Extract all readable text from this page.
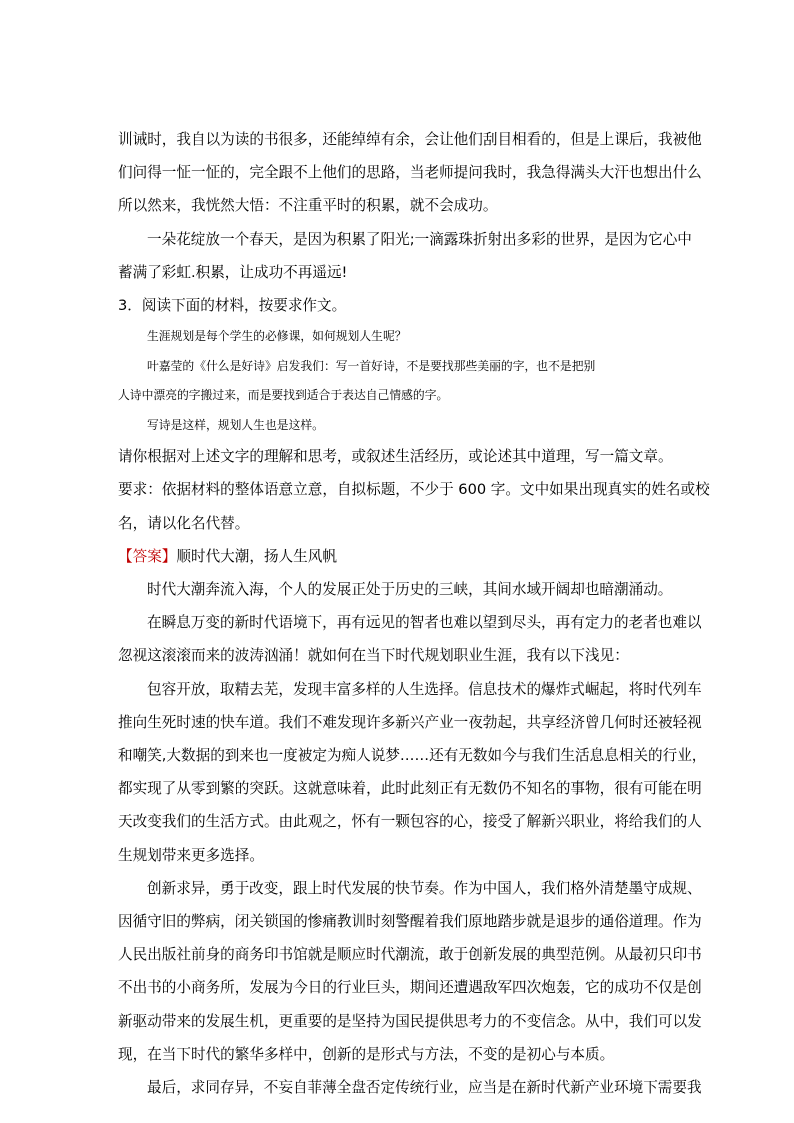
训诫时，我自以为读的书很多，还能绰绰有余，会让他们刮目相看的，但是上课后，我被他

们问得一怔一怔的，完全跟不上他们的思路，当老师提问我时，我急得满头大汗也想出什么

所以然来，我恍然大悟：不注重平时的积累，就不会成功。

一朵花绽放一个春天，是因为积累了阳光;一滴露珠折射出多彩的世界，是因为它心中

蓄满了彩虹.积累，让成功不再遥远!

3．阅读下面的材料，按要求作文。

生涯规划是每个学生的必修课，如何规划人生呢？

叶嘉莹的《什么是好诗》启发我们：写一首好诗，不是要找那些美丽的字，也不是把别

人诗中漂亮的字搬过来，而是要找到适合于表达自己情感的字。

写诗是这样，规划人生也是这样。

请你根据对上述文字的理解和思考，或叙述生活经历，或论述其中道理，写一篇文章。

要求：依据材料的整体语意立意，自拟标题，不少于 600 字。文中如果出现真实的姓名或校

名，请以化名代替。

【答案】顺时代大潮，扬人生风帆

时代大潮奔流入海，个人的发展正处于历史的三峡，其间水域开阔却也暗潮涌动。

在瞬息万变的新时代语境下，再有远见的智者也难以望到尽头，再有定力的老者也难以

忽视这滚滚而来的波涛汹涌！就如何在当下时代规划职业生涯，我有以下浅见：

包容开放，取精去芜，发现丰富多样的人生选择。信息技术的爆炸式崛起，将时代列车

推向生死时速的快车道。我们不难发现许多新兴产业一夜勃起，共享经济曾几何时还被轻视

和嘲笑,大数据的到来也一度被定为痴人说梦……还有无数如今与我们生活息息相关的行业，

都实现了从零到繁的突跃。这就意味着，此时此刻正有无数仍不知名的事物，很有可能在明

天改变我们的生活方式。由此观之，怀有一颗包容的心，接受了解新兴职业，将给我们的人

生规划带来更多选择。

创新求异，勇于改变，跟上时代发展的快节奏。作为中国人，我们格外清楚墨守成规、

因循守旧的弊病，闭关锁国的惨痛教训时刻警醒着我们原地踏步就是退步的通俗道理。作为

人民出版社前身的商务印书馆就是顺应时代潮流，敢于创新发展的典型范例。从最初只印书

不出书的小商务所，发展为今日的行业巨头，期间还遭遇敌军四次炮轰，它的成功不仅是创

新驱动带来的发展生机，更重要的是坚持为国民提供思考力的不变信念。从中，我们可以发

现，在当下时代的繁华多样中，创新的是形式与方法，不变的是初心与本质。

最后，求同存异，不妄自菲薄全盘否定传统行业，应当是在新时代新产业环境下需要我
